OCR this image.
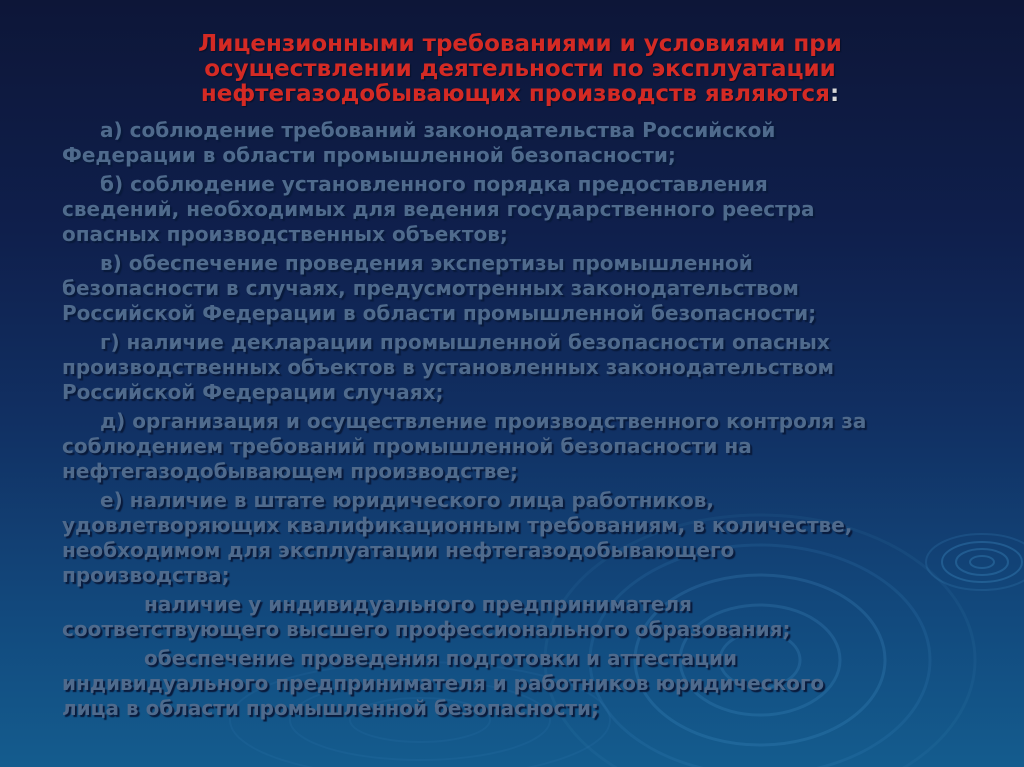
Лицензионными требованиями и условиями при
осуществлении деятельности по эксплуатации
нефтегазодобывающих производств являются:

а) соблюдение требований законодательства Российской
Федерации в области промышленной безопасности;

б) соблюдение установленного порядка предоставления
сведений, необходимых для ведения государственного реестра
опасных производственных объектов;

в) обеспечение проведения экспертизы промышленной
безопасности в случаях, предусмотренных законодательством
Российской Федерации в области промышленной безопасности;

г) наличие декларации промышленной безопасности опасных
производственных объектов в установленных законодательством
Российской Федерации случаях;

д) организация и осуществление производственного контроля за
соблюдением требований промышленной безопасности на
нефтегазодобывающем производстве;

е) наличие в штате юридического лица работников,
удовлетворяющих квалификационным требованиям, в количестве,
необходимом для эксплуатации нефтегазодобывающего
производства;

наличие у индивидуального предпринимателя
соответствующего высшего профессионального образования;

обеспечение проведения подготовки и аттестации
индивидуального предпринимателя и работников юридического
лица в области промышленной безопасности;
